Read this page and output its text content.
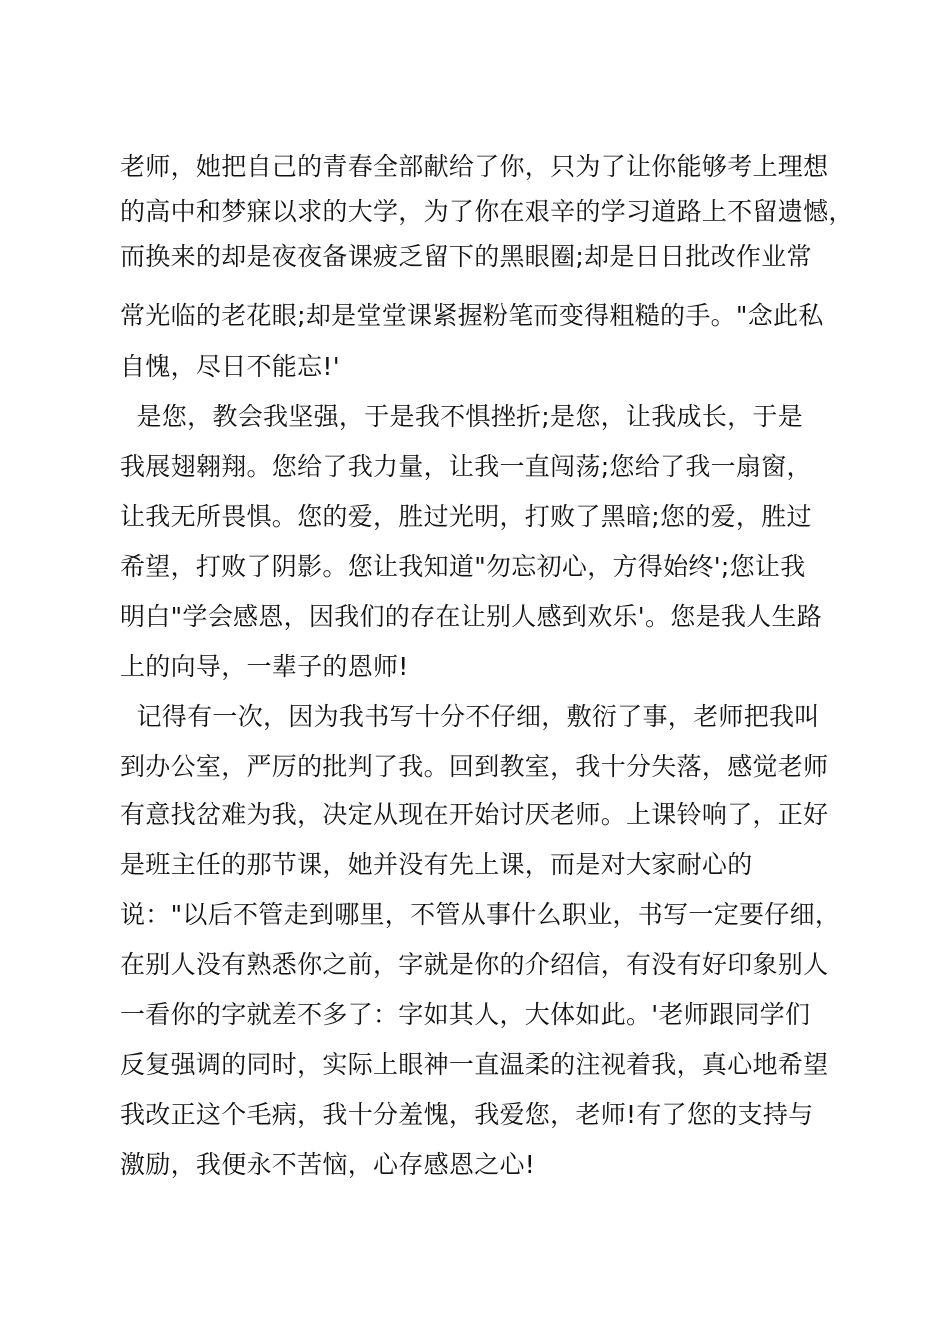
老师，她把自己的青春全部献给了你，只为了让你能够考上理想
的高中和梦寐以求的大学，为了你在艰辛的学习道路上不留遗憾，
而换来的却是夜夜备课疲乏留下的黑眼圈;却是日日批改作业常
常光临的老花眼;却是堂堂课紧握粉笔而变得粗糙的手。"念此私
自愧，尽日不能忘!'
是您，教会我坚强，于是我不惧挫折;是您，让我成长，于是
我展翅翱翔。您给了我力量，让我一直闯荡;您给了我一扇窗，
让我无所畏惧。您的爱，胜过光明，打败了黑暗;您的爱，胜过
希望，打败了阴影。您让我知道"勿忘初心，方得始终';您让我
明白"学会感恩，因我们的存在让别人感到欢乐'。您是我人生路
上的向导，一辈子的恩师!
记得有一次，因为我书写十分不仔细，敷衍了事，老师把我叫
到办公室，严厉的批判了我。回到教室，我十分失落，感觉老师
有意找岔难为我，决定从现在开始讨厌老师。上课铃响了，正好
是班主任的那节课，她并没有先上课，而是对大家耐心的
说："以后不管走到哪里，不管从事什么职业，书写一定要仔细，
在别人没有熟悉你之前，字就是你的介绍信，有没有好印象别人
一看你的字就差不多了：字如其人，大体如此。'老师跟同学们
反复强调的同时，实际上眼神一直温柔的注视着我，真心地希望
我改正这个毛病，我十分羞愧，我爱您，老师!有了您的支持与
激励，我便永不苦恼，心存感恩之心!
